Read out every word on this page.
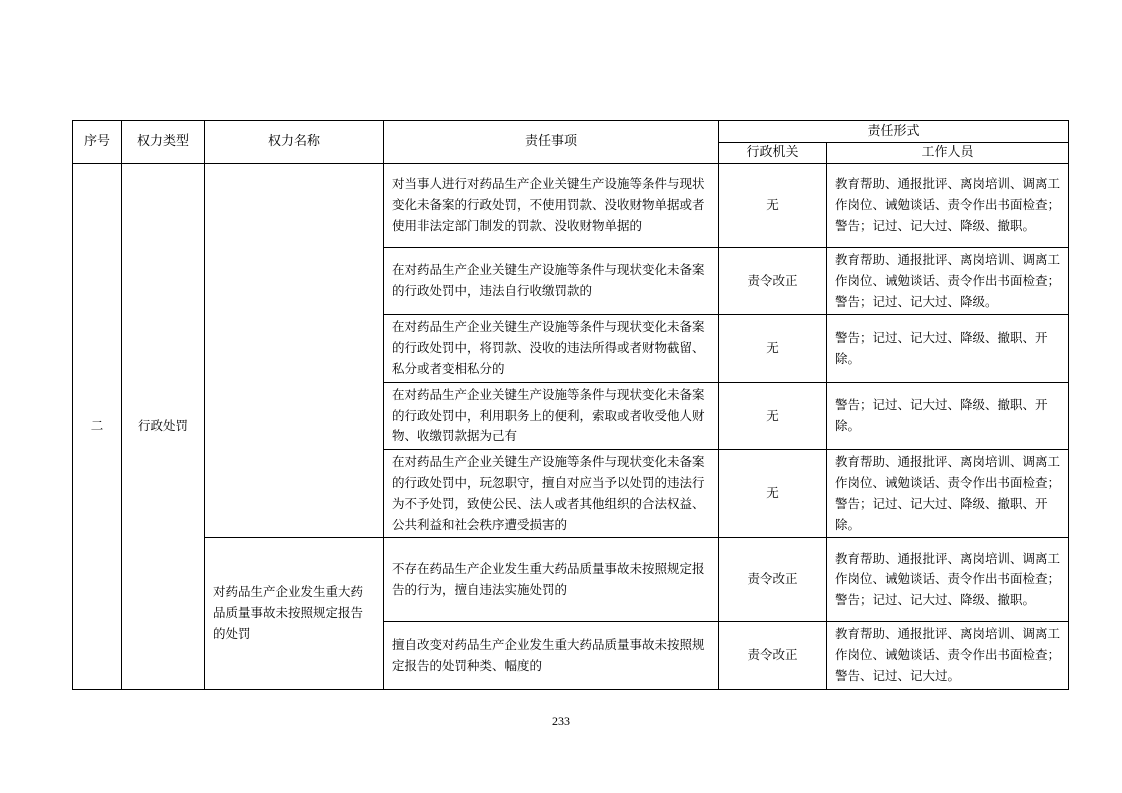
序号	权力类型	权力名称	责任事项	责任形式	
				行政机关	工作人员
二	行政处罚		对当事人进行对药品生产企业关键生产设施等条件与现状变化未备案的行政处罚，不使用罚款、没收财物单据或者使用非法定部门制发的罚款、没收财物单据的	无	教育帮助、通报批评、离岗培训、调离工作岗位、诫勉谈话、责令作出书面检查；警告；记过、记大过、降级、撤职。
			在对药品生产企业关键生产设施等条件与现状变化未备案的行政处罚中，违法自行收缴罚款的	责令改正	教育帮助、通报批评、离岗培训、调离工作岗位、诫勉谈话、责令作出书面检查；警告；记过、记大过、降级。
			在对药品生产企业关键生产设施等条件与现状变化未备案的行政处罚中，将罚款、没收的违法所得或者财物截留、私分或者变相私分的	无	警告；记过、记大过、降级、撤职、开除。
			在对药品生产企业关键生产设施等条件与现状变化未备案的行政处罚中，利用职务上的便利，索取或者收受他人财物、收缴罚款据为己有	无	警告；记过、记大过、降级、撤职、开除。
			在对药品生产企业关键生产设施等条件与现状变化未备案的行政处罚中，玩忽职守，擅自对应当予以处罚的违法行为不予处罚，致使公民、法人或者其他组织的合法权益、公共利益和社会秩序遭受损害的	无	教育帮助、通报批评、离岗培训、调离工作岗位、诫勉谈话、责令作出书面检查；警告；记过、记大过、降级、撤职、开除。
		对药品生产企业发生重大药品质量事故未按照规定报告的处罚	不存在药品生产企业发生重大药品质量事故未按照规定报告的行为，擅自违法实施处罚的	责令改正	教育帮助、通报批评、离岗培训、调离工作岗位、诫勉谈话、责令作出书面检查；警告；记过、记大过、降级、撤职。
			擅自改变对药品生产企业发生重大药品质量事故未按照规定报告的处罚种类、幅度的	责令改正	教育帮助、通报批评、离岗培训、调离工作岗位、诫勉谈话、责令作出书面检查；警告、记过、记大过。
233
